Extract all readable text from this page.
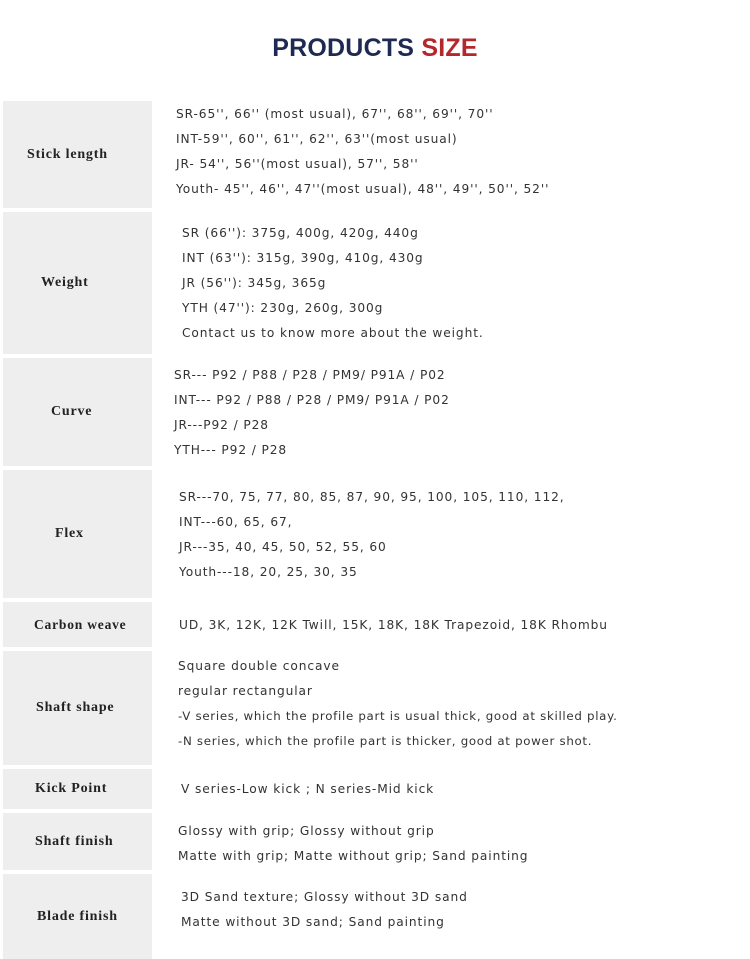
PRODUCTS SIZE
Stick length
SR-65'', 66'' (most usual), 67'', 68'', 69'', 70''
INT-59'', 60'', 61'', 62'', 63''(most usual)
JR- 54'', 56''(most usual), 57'', 58''
Youth- 45'', 46'', 47''(most usual), 48'', 49'', 50'', 52''
Weight
SR (66''): 375g, 400g, 420g, 440g
INT (63''): 315g, 390g, 410g, 430g
JR (56''): 345g, 365g
YTH (47''): 230g, 260g, 300g
Contact us to know more about the weight.
Curve
SR--- P92 / P88 / P28 / PM9/ P91A / P02
INT--- P92 / P88 / P28 / PM9/ P91A / P02
JR---P92 / P28
YTH--- P92 / P28
Flex
SR---70, 75, 77, 80, 85, 87, 90, 95, 100, 105, 110, 112,
INT---60, 65, 67,
JR---35, 40, 45, 50, 52, 55, 60
Youth---18, 20, 25, 30, 35
Carbon weave	UD, 3K, 12K, 12K Twill, 15K, 18K, 18K Trapezoid, 18K Rhombu
Shaft shape
Square double concave
regular rectangular
-V series, which the profile part is usual thick, good at skilled play.
-N series, which the profile part is thicker, good at power shot.
Kick Point	V series-Low kick ; N series-Mid kick
Shaft finish
Glossy with grip; Glossy without grip
Matte with grip; Matte without grip; Sand painting
Blade finish
3D Sand texture; Glossy without 3D sand
Matte without 3D sand; Sand painting
